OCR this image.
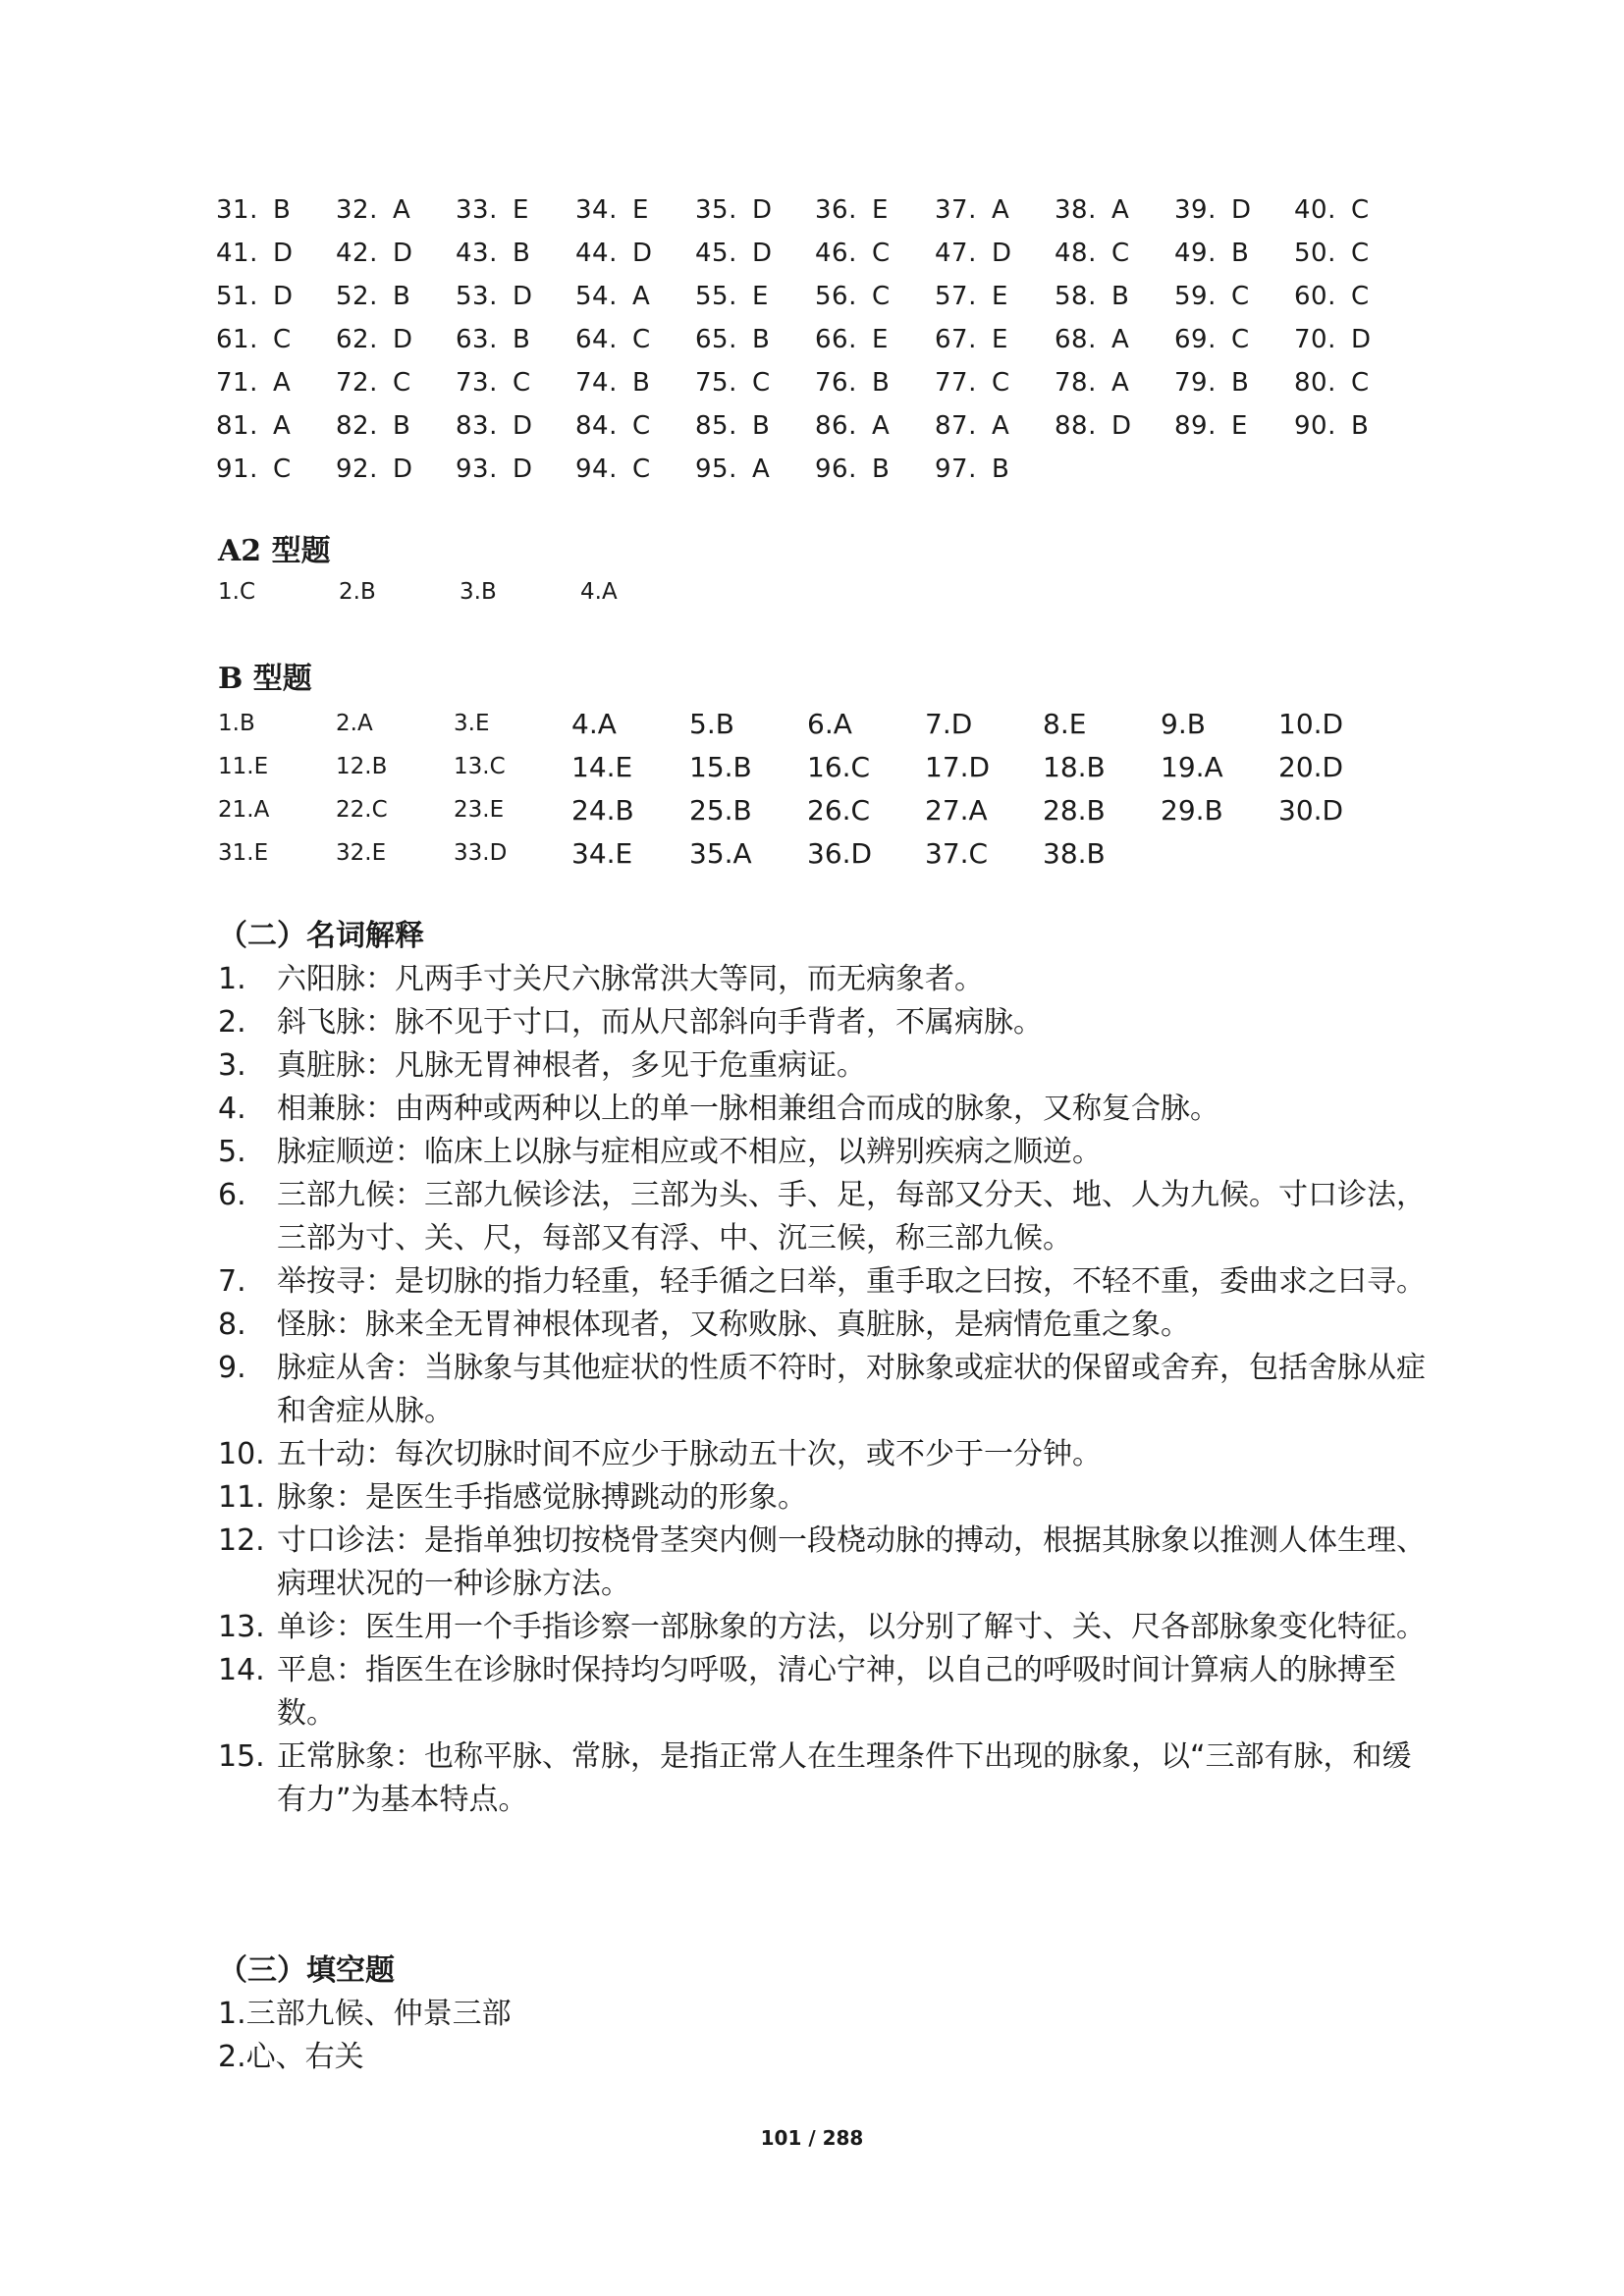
31. B	32. A	33. E	34. E	35. D	36. E	37. A	38. A	39. D	40. C
41. D	42. D	43. B	44. D	45. D	46. C	47. D	48. C	49. B	50. C
51. D	52. B	53. D	54. A	55. E	56. C	57. E	58. B	59. C	60. C
61. C	62. D	63. B	64. C	65. B	66. E	67. E	68. A	69. C	70. D
71. A	72. C	73. C	74. B	75. C	76. B	77. C	78. A	79. B	80. C
81. A	82. B	83. D	84. C	85. B	86. A	87. A	88. D	89. E	90. B
91. C	92. D	93. D	94. C	95. A	96. B	97. B
A2 型题
1.C	2.B	3.B	4.A
B 型题
1.B	2.A	3.E	4.A	5.B	6.A	7.D	8.E	9.B	10.D
11.E	12.B	13.C	14.E	15.B	16.C	17.D	18.B	19.A	20.D
21.A	22.C	23.E	24.B	25.B	26.C	27.A	28.B	29.B	30.D
31.E	32.E	33.D	34.E	35.A	36.D	37.C	38.B
（二）名词解释
1. 六阳脉：凡两手寸关尺六脉常洪大等同，而无病象者。
2. 斜飞脉：脉不见于寸口，而从尺部斜向手背者，不属病脉。
3. 真脏脉：凡脉无胃神根者，多见于危重病证。
4. 相兼脉：由两种或两种以上的单一脉相兼组合而成的脉象，又称复合脉。
5. 脉症顺逆：临床上以脉与症相应或不相应，以辨别疾病之顺逆。
6. 三部九候：三部九候诊法，三部为头、手、足，每部又分天、地、人为九候。寸口诊法，三部为寸、关、尺，每部又有浮、中、沉三候，称三部九候。
7. 举按寻：是切脉的指力轻重，轻手循之曰举，重手取之曰按，不轻不重，委曲求之曰寻。
8. 怪脉：脉来全无胃神根体现者，又称败脉、真脏脉，是病情危重之象。
9. 脉症从舍：当脉象与其他症状的性质不符时，对脉象或症状的保留或舍弃，包括舍脉从症和舍症从脉。
10. 五十动：每次切脉时间不应少于脉动五十次，或不少于一分钟。
11. 脉象：是医生手指感觉脉搏跳动的形象。
12. 寸口诊法：是指单独切按桡骨茎突内侧一段桡动脉的搏动，根据其脉象以推测人体生理、病理状况的一种诊脉方法。
13. 单诊：医生用一个手指诊察一部脉象的方法，以分别了解寸、关、尺各部脉象变化特征。
14. 平息：指医生在诊脉时保持均匀呼吸，清心宁神，以自己的呼吸时间计算病人的脉搏至数。
15. 正常脉象：也称平脉、常脉，是指正常人在生理条件下出现的脉象，以“三部有脉，和缓有力”为基本特点。
（三）填空题
1.三部九候、仲景三部
2.心、右关
101 / 288
